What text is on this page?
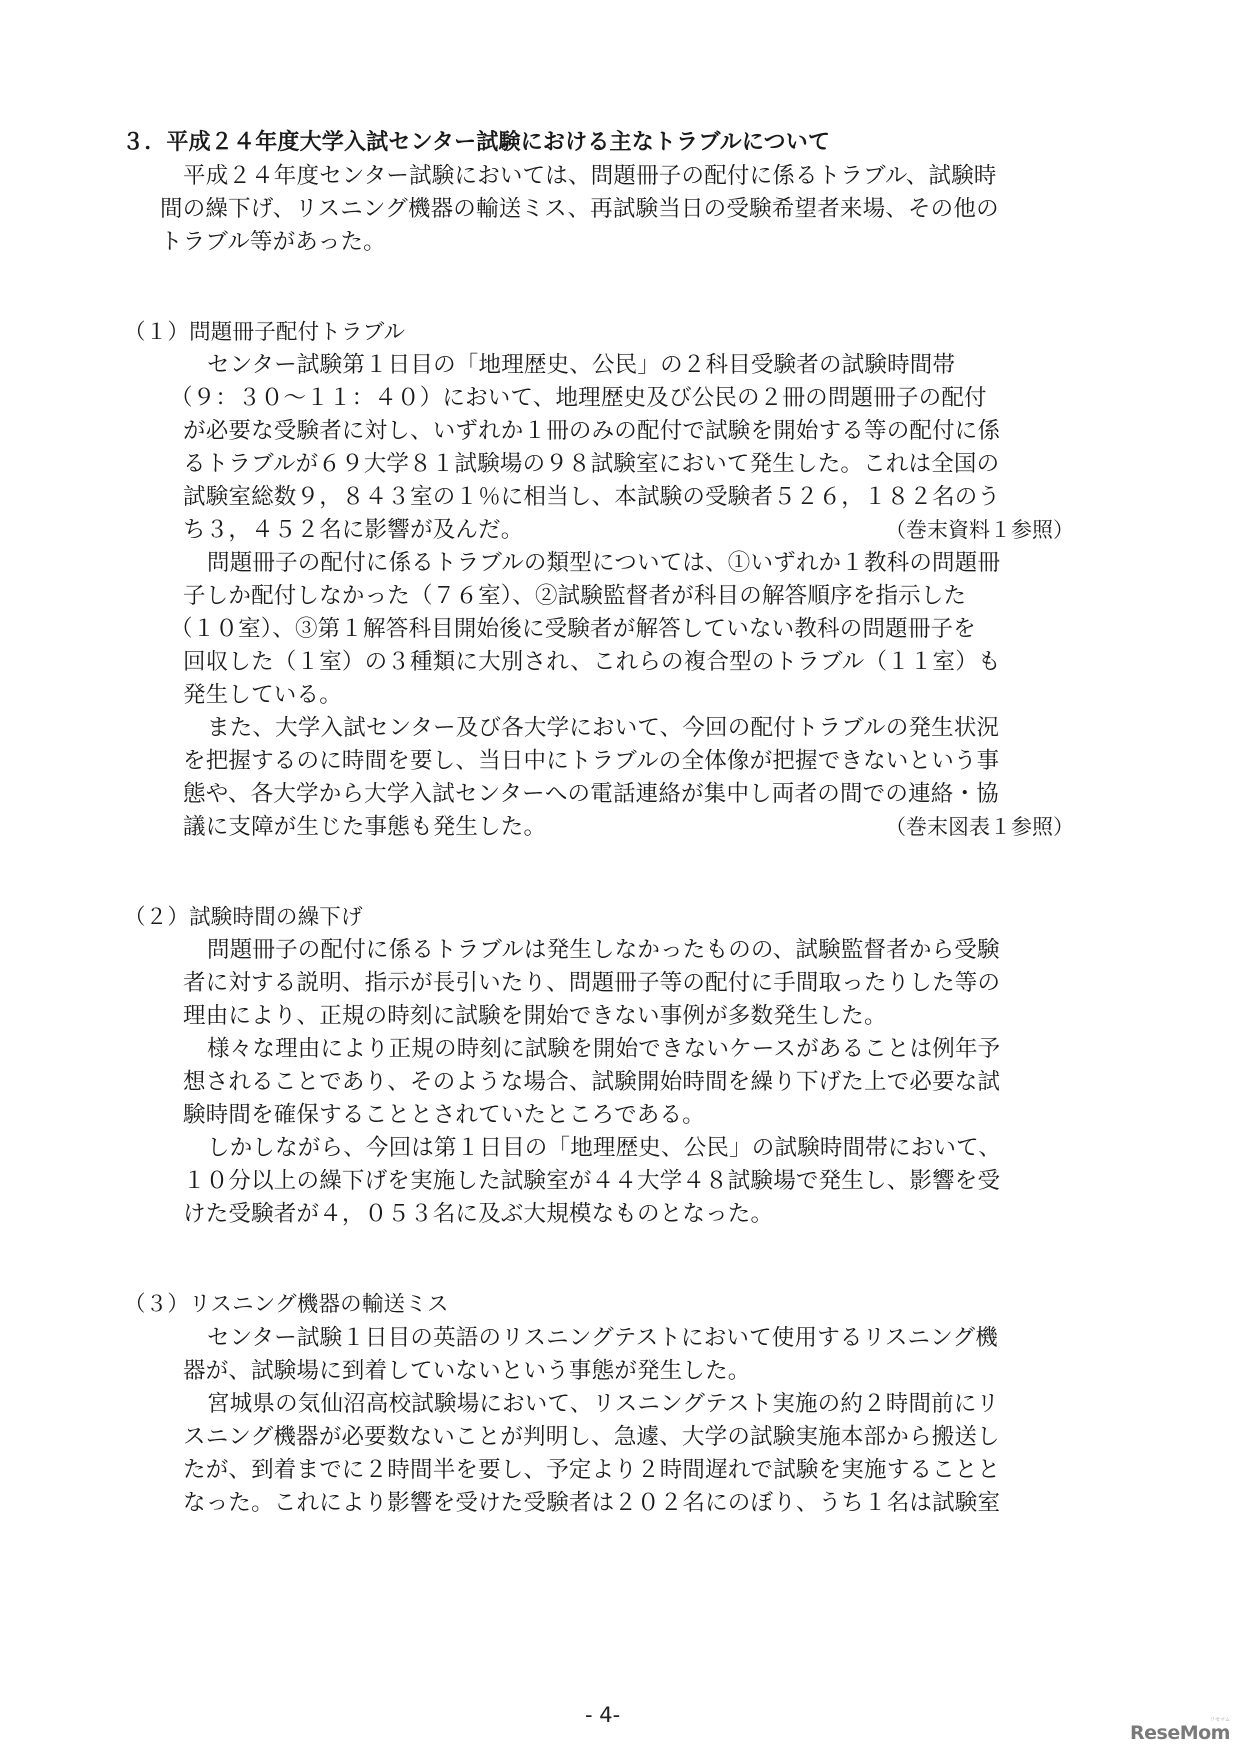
３．平成２４年度大学入試センター試験における主なトラブルについて
平成２４年度センター試験においては、問題冊子の配付に係るトラブル、試験時
間の繰下げ、リスニング機器の輸送ミス、再試験当日の受験希望者来場、その他の
トラブル等があった。
（１）問題冊子配付トラブル
センター試験第１日目の「地理歴史、公民」の２科目受験者の試験時間帯
（９：３０～１１：４０）において、地理歴史及び公民の２冊の問題冊子の配付
が必要な受験者に対し、いずれか１冊のみの配付で試験を開始する等の配付に係
るトラブルが６９大学８１試験場の９８試験室において発生した。これは全国の
試験室総数９，８４３室の１％に相当し、本試験の受験者５２６，１８２名のう
ち３，４５２名に影響が及んだ。	（巻末資料１参照）
問題冊子の配付に係るトラブルの類型については、①いずれか１教科の問題冊
子しか配付しなかった（７６室）、②試験監督者が科目の解答順序を指示した
（１０室）、③第１解答科目開始後に受験者が解答していない教科の問題冊子を
回収した（１室）の３種類に大別され、これらの複合型のトラブル（１１室）も
発生している。
また、大学入試センター及び各大学において、今回の配付トラブルの発生状況
を把握するのに時間を要し、当日中にトラブルの全体像が把握できないという事
態や、各大学から大学入試センターへの電話連絡が集中し両者の間での連絡・協
議に支障が生じた事態も発生した。	（巻末図表１参照）
（２）試験時間の繰下げ
問題冊子の配付に係るトラブルは発生しなかったものの、試験監督者から受験
者に対する説明、指示が長引いたり、問題冊子等の配付に手間取ったりした等の
理由により、正規の時刻に試験を開始できない事例が多数発生した。
様々な理由により正規の時刻に試験を開始できないケースがあることは例年予
想されることであり、そのような場合、試験開始時間を繰り下げた上で必要な試
験時間を確保することとされていたところである。
しかしながら、今回は第１日目の「地理歴史、公民」の試験時間帯において、
１０分以上の繰下げを実施した試験室が４４大学４８試験場で発生し、影響を受
けた受験者が４，０５３名に及ぶ大規模なものとなった。
（３）リスニング機器の輸送ミス
センター試験１日目の英語のリスニングテストにおいて使用するリスニング機
器が、試験場に到着していないという事態が発生した。
宮城県の気仙沼高校試験場において、リスニングテスト実施の約２時間前にリ
スニング機器が必要数ないことが判明し、急遽、大学の試験実施本部から搬送し
たが、到着までに２時間半を要し、予定より２時間遅れで試験を実施することと
なった。これにより影響を受けた受験者は２０２名にのぼり、うち１名は試験室
- 4-	リセマム
ReseMom
